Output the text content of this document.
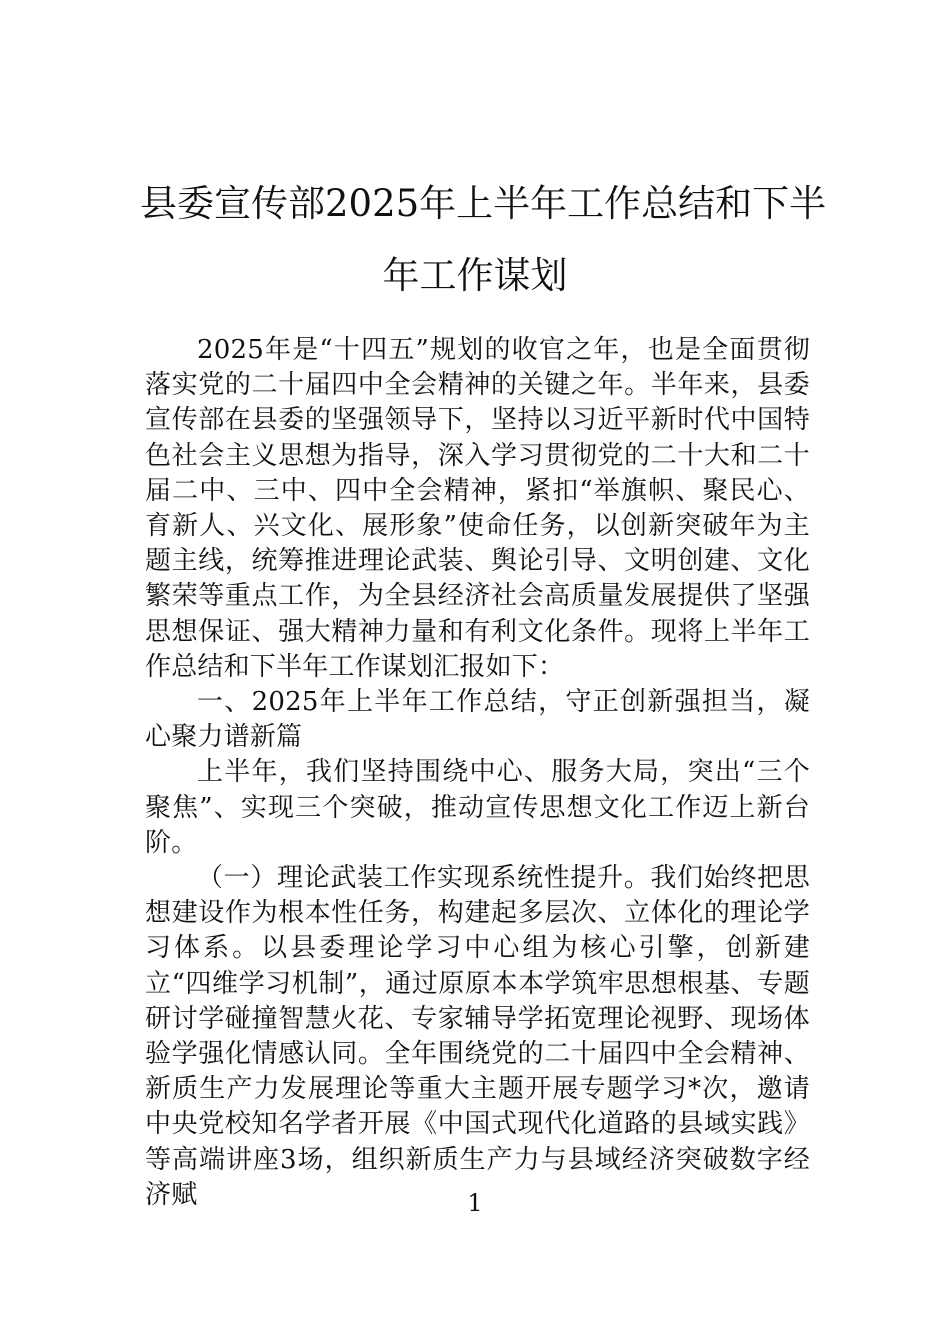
县委宣传部2025年上半年工作总结和下半
年工作谋划

2025年是“十四五”规划的收官之年，也是全面贯彻落实党的二十届四中全会精神的关键之年。半年来，县委宣传部在县委的坚强领导下，坚持以习近平新时代中国特色社会主义思想为指导，深入学习贯彻党的二十大和二十届二中、三中、四中全会精神，紧扣“举旗帜、聚民心、育新人、兴文化、展形象”使命任务，以创新突破年为主题主线，统筹推进理论武装、舆论引导、文明创建、文化繁荣等重点工作，为全县经济社会高质量发展提供了坚强思想保证、强大精神力量和有利文化条件。现将上半年工作总结和下半年工作谋划汇报如下：

一、2025年上半年工作总结，守正创新强担当，凝心聚力谱新篇

上半年，我们坚持围绕中心、服务大局，突出“三个聚焦”、实现三个突破，推动宣传思想文化工作迈上新台阶。

（一）理论武装工作实现系统性提升。我们始终把思想建设作为根本性任务，构建起多层次、立体化的理论学习体系。以县委理论学习中心组为核心引擎，创新建立“四维学习机制”，通过原原本本学筑牢思想根基、专题研讨学碰撞智慧火花、专家辅导学拓宽理论视野、现场体验学强化情感认同。全年围绕党的二十届四中全会精神、新质生产力发展理论等重大主题开展专题学习*次，邀请中央党校知名学者开展《中国式现代化道路的县域实践》等高端讲座3场，组织新质生产力与县域经济突破数字经济赋	1
